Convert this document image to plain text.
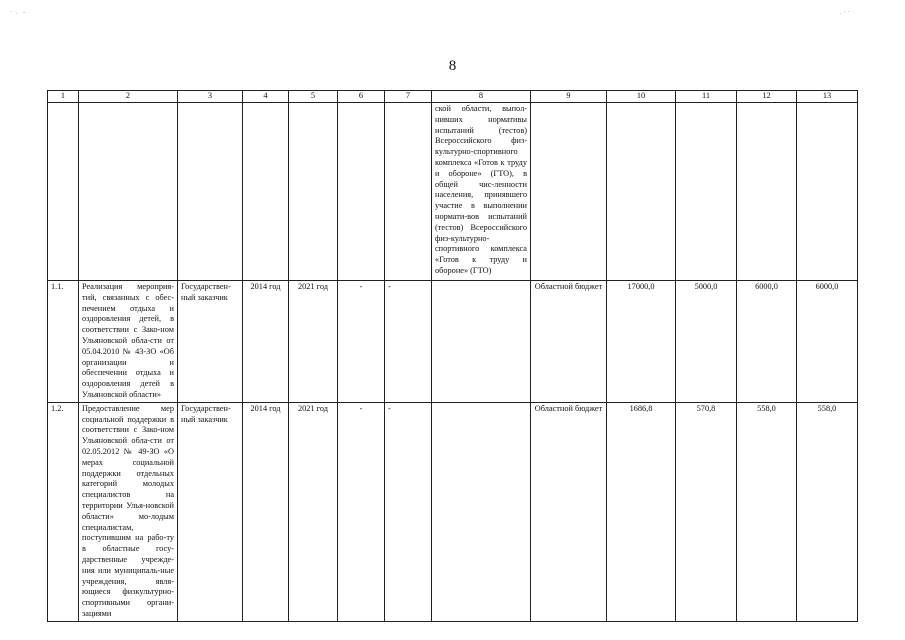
·  .   -	. · ·
8
1	2	3	4	5	6	7	8	9	10	11	12	13
							ской области, выпол-нивших нормативы испытаний (тестов) Всероссийского физ-культурно-спортивного комплекса «Готов к труду и обороне» (ГТО), в общей чис-ленности населения, принявшего участие в выполнении нормати-вов испытаний (тестов) Всероссийского физ-культурно-спортивного комплекса «Готов к труду и обороне» (ГТО)					
1.1.	Реализация мероприя-тий, связанных с обес-печением отдыха и оздоровления детей, в соответствии с Зако-ном Ульяновской обла-сти от 05.04.2010 № 43-ЗО «Об организации и обеспечении отдыха и оздоровления детей в Ульяновской области»	Государствен-ный заказчик	2014 год	2021 год	-	-		Областной бюджет	17000,0	5000,0	6000,0	6000,0
1.2.	Предоставление мер социальной поддержки в соответствии с Зако-ном Ульяновской обла-сти от 02.05.2012 № 49-ЗО «О мерах социальной поддержки отдельных категорий молодых специалистов на территории Улья-новской области» мо-лодым специалистам, поступившим на рабо-ту в областные госу-дарственные учрежде-ния или муниципаль-ные учреждения, явля-ющиеся физкультурно-спортивными органи-зациями	Государствен-ный заказчик	2014 год	2021 год	-	-		Областной бюджет	1686,8	570,8	558,0	558,0
